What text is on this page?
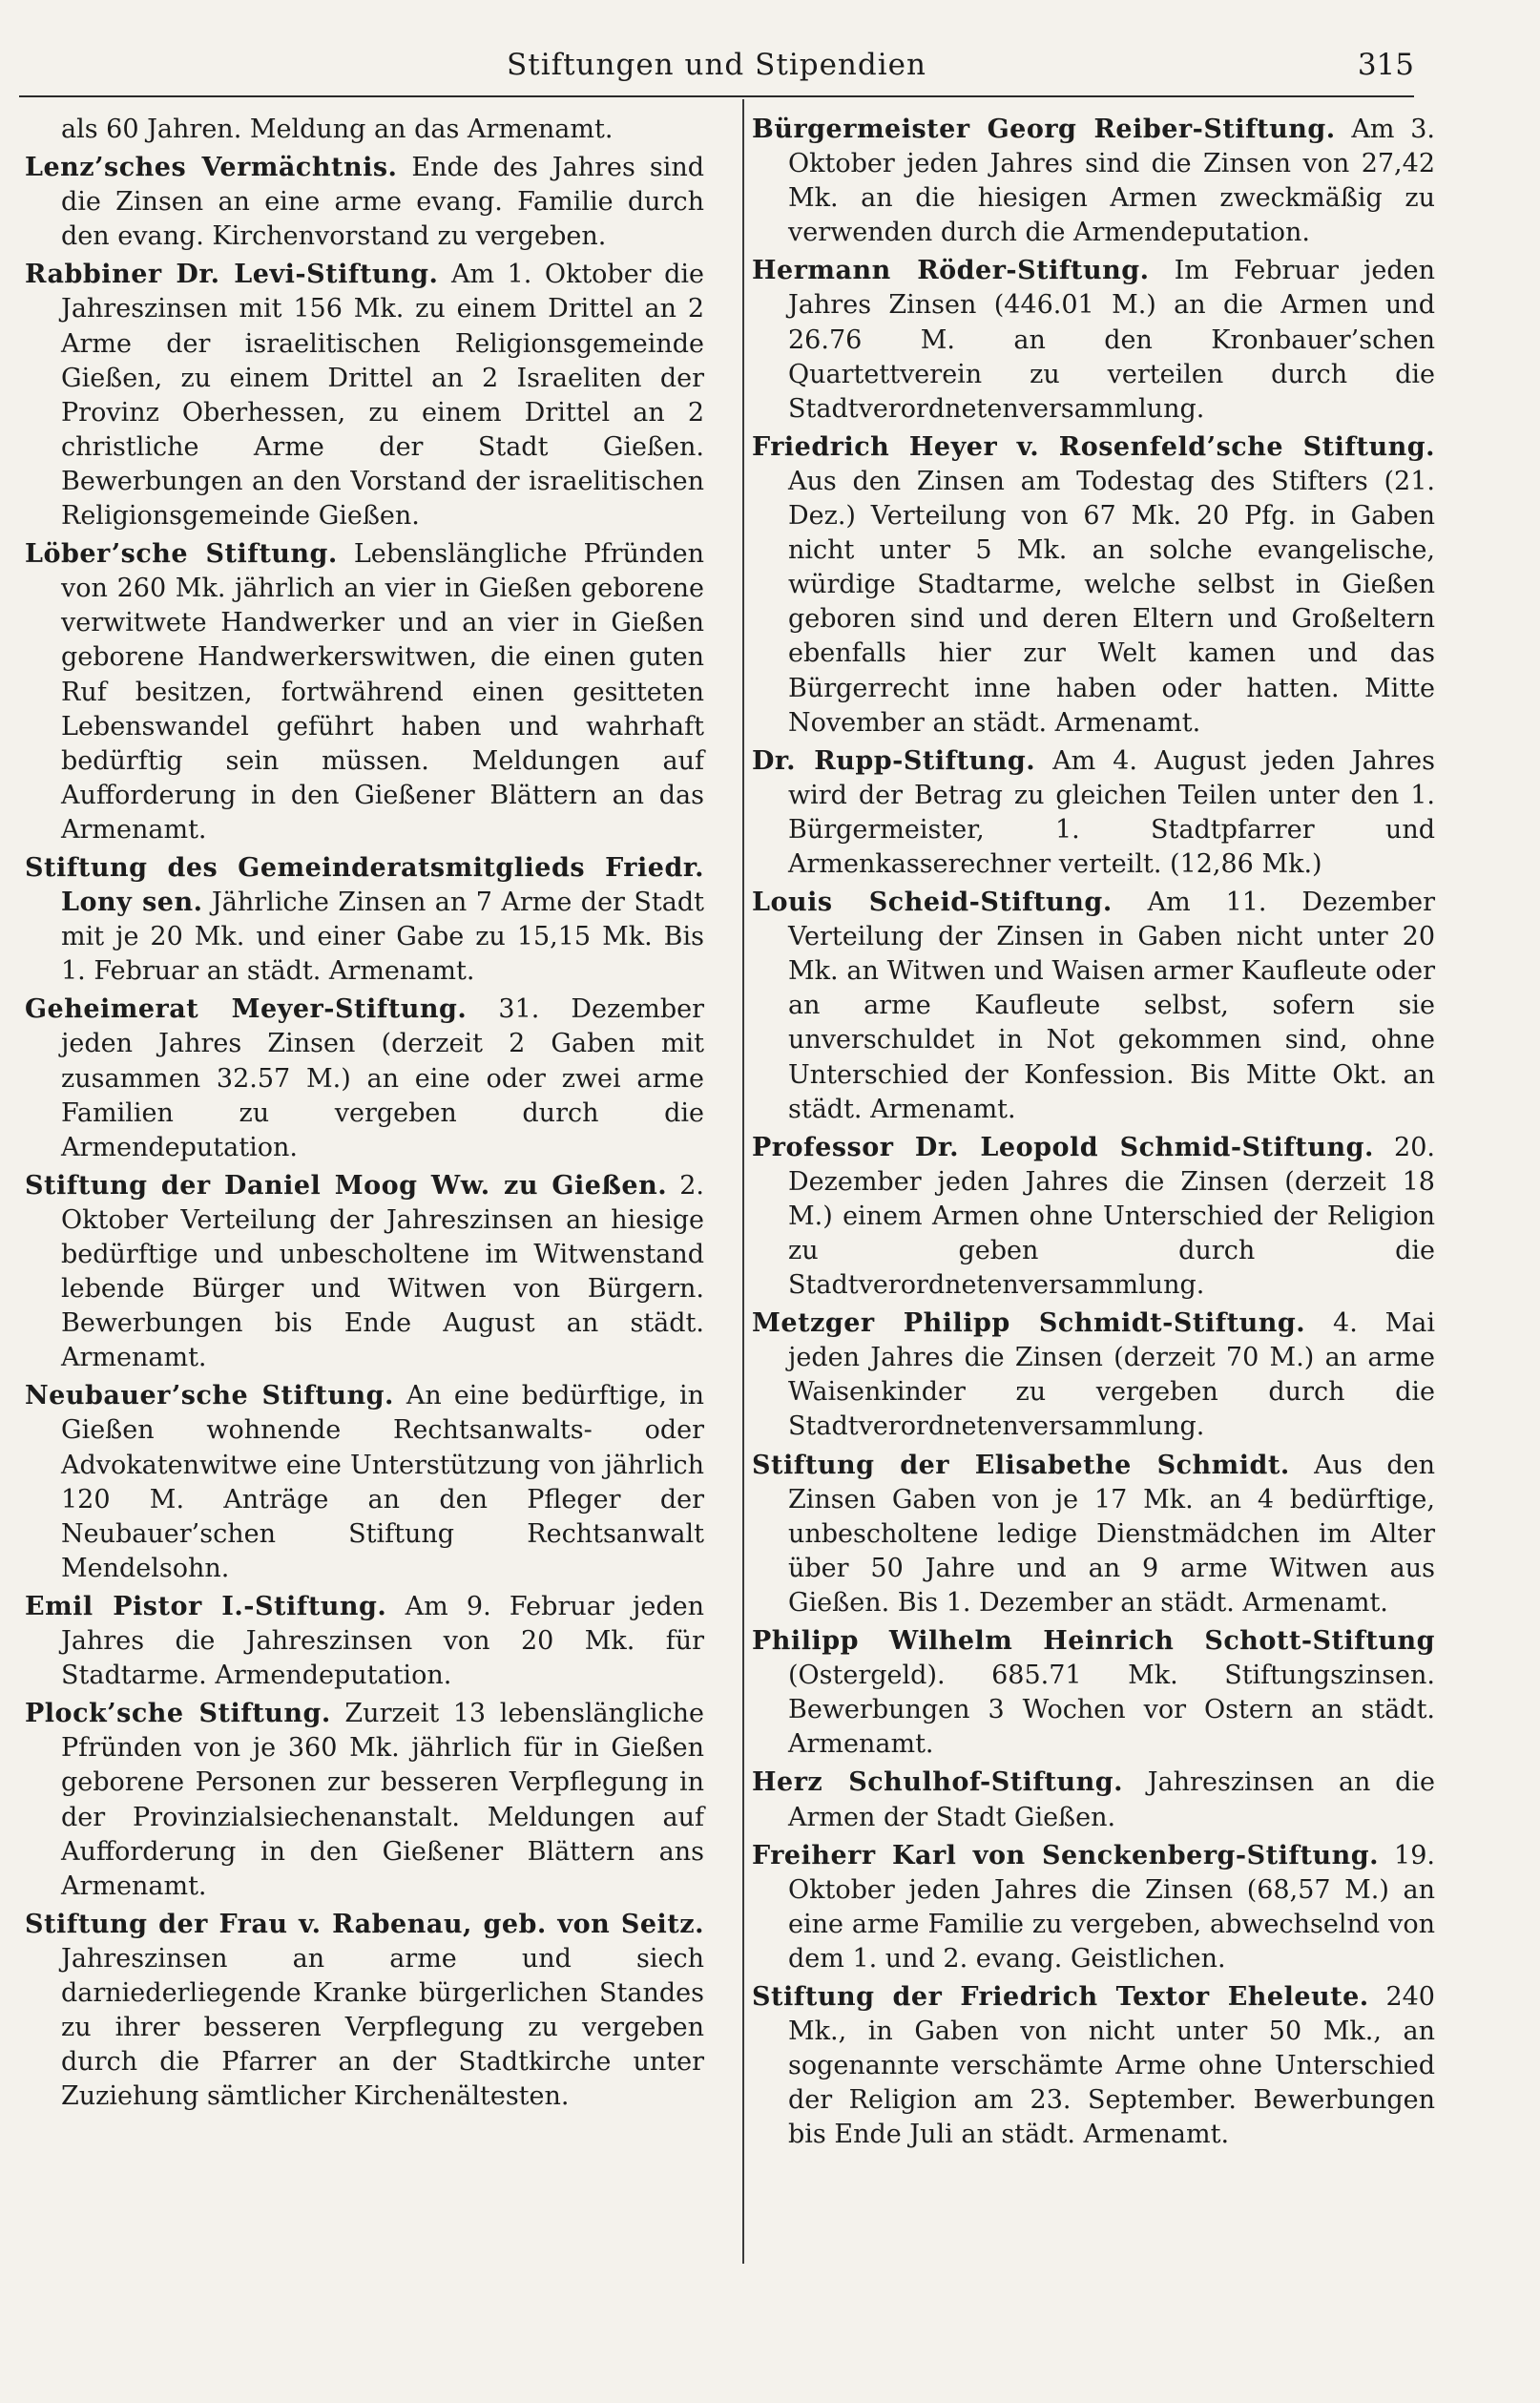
Stiftungen und Stipendien	315

als 60 Jahren. Meldung an das Armenamt.

Lenz’sches Vermächtnis. Ende des Jahres sind die Zinsen an eine arme evang. Familie durch den evang. Kirchenvorstand zu vergeben.

Rabbiner Dr. Levi-Stiftung. Am 1. Oktober die Jahreszinsen mit 156 Mk. zu einem Drittel an 2 Arme der israelitischen Religionsgemeinde Gießen, zu einem Drittel an 2 Israeliten der Provinz Oberhessen, zu einem Drittel an 2 christliche Arme der Stadt Gießen. Bewerbungen an den Vorstand der israelitischen Religionsgemeinde Gießen.

Löber’sche Stiftung. Lebenslängliche Pfründen von 260 Mk. jährlich an vier in Gießen geborene verwitwete Handwerker und an vier in Gießen geborene Handwerkerswitwen, die einen guten Ruf besitzen, fortwährend einen gesitteten Lebenswandel geführt haben und wahrhaft bedürftig sein müssen. Meldungen auf Aufforderung in den Gießener Blättern an das Armenamt.

Stiftung des Gemeinderatsmitglieds Friedr. Lony sen. Jährliche Zinsen an 7 Arme der Stadt mit je 20 Mk. und einer Gabe zu 15,15 Mk. Bis 1. Februar an städt. Armenamt.

Geheimerat Meyer-Stiftung. 31. Dezember jeden Jahres Zinsen (derzeit 2 Gaben mit zusammen 32.57 M.) an eine oder zwei arme Familien zu vergeben durch die Armendeputation.

Stiftung der Daniel Moog Ww. zu Gießen. 2. Oktober Verteilung der Jahreszinsen an hiesige bedürftige und unbescholtene im Witwenstand lebende Bürger und Witwen von Bürgern. Bewerbungen bis Ende August an städt. Armenamt.

Neubauer’sche Stiftung. An eine bedürftige, in Gießen wohnende Rechtsanwalts- oder Advokatenwitwe eine Unterstützung von jährlich 120 M. Anträge an den Pfleger der Neubauer’schen Stiftung Rechtsanwalt Mendelsohn.

Emil Pistor I.-Stiftung. Am 9. Februar jeden Jahres die Jahreszinsen von 20 Mk. für Stadtarme. Armendeputation.

Plock’sche Stiftung. Zurzeit 13 lebenslängliche Pfründen von je 360 Mk. jährlich für in Gießen geborene Personen zur besseren Verpflegung in der Provinzialsiechenanstalt. Meldungen auf Aufforderung in den Gießener Blättern ans Armenamt.

Stiftung der Frau v. Rabenau, geb. von Seitz. Jahreszinsen an arme und siech darniederliegende Kranke bürgerlichen Standes zu ihrer besseren Verpflegung zu vergeben durch die Pfarrer an der Stadtkirche unter Zuziehung sämtlicher Kirchenältesten.

Bürgermeister Georg Reiber-Stiftung. Am 3. Oktober jeden Jahres sind die Zinsen von 27,42 Mk. an die hiesigen Armen zweckmäßig zu verwenden durch die Armendeputation.

Hermann Röder-Stiftung. Im Februar jeden Jahres Zinsen (446.01 M.) an die Armen und 26.76 M. an den Kronbauer’schen Quartettverein zu verteilen durch die Stadtverordnetenversammlung.

Friedrich Heyer v. Rosenfeld’sche Stiftung. Aus den Zinsen am Todestag des Stifters (21. Dez.) Verteilung von 67 Mk. 20 Pfg. in Gaben nicht unter 5 Mk. an solche evangelische, würdige Stadtarme, welche selbst in Gießen geboren sind und deren Eltern und Großeltern ebenfalls hier zur Welt kamen und das Bürgerrecht inne haben oder hatten. Mitte November an städt. Armenamt.

Dr. Rupp-Stiftung. Am 4. August jeden Jahres wird der Betrag zu gleichen Teilen unter den 1. Bürgermeister, 1. Stadtpfarrer und Armenkasserechner verteilt. (12,86 Mk.)

Louis Scheid-Stiftung. Am 11. Dezember Verteilung der Zinsen in Gaben nicht unter 20 Mk. an Witwen und Waisen armer Kaufleute oder an arme Kaufleute selbst, sofern sie unverschuldet in Not gekommen sind, ohne Unterschied der Konfession. Bis Mitte Okt. an städt. Armenamt.

Professor Dr. Leopold Schmid-Stiftung. 20. Dezember jeden Jahres die Zinsen (derzeit 18 M.) einem Armen ohne Unterschied der Religion zu geben durch die Stadtverordnetenversammlung.

Metzger Philipp Schmidt-Stiftung. 4. Mai jeden Jahres die Zinsen (derzeit 70 M.) an arme Waisenkinder zu vergeben durch die Stadtverordnetenversammlung.

Stiftung der Elisabethe Schmidt. Aus den Zinsen Gaben von je 17 Mk. an 4 bedürftige, unbescholtene ledige Dienstmädchen im Alter über 50 Jahre und an 9 arme Witwen aus Gießen. Bis 1. Dezember an städt. Armenamt.

Philipp Wilhelm Heinrich Schott-Stiftung (Ostergeld). 685.71 Mk. Stiftungszinsen. Bewerbungen 3 Wochen vor Ostern an städt. Armenamt.

Herz Schulhof-Stiftung. Jahreszinsen an die Armen der Stadt Gießen.

Freiherr Karl von Senckenberg-Stiftung. 19. Oktober jeden Jahres die Zinsen (68,57 M.) an eine arme Familie zu vergeben, abwechselnd von dem 1. und 2. evang. Geistlichen.

Stiftung der Friedrich Textor Eheleute. 240 Mk., in Gaben von nicht unter 50 Mk., an sogenannte verschämte Arme ohne Unterschied der Religion am 23. September. Bewerbungen bis Ende Juli an städt. Armenamt.
